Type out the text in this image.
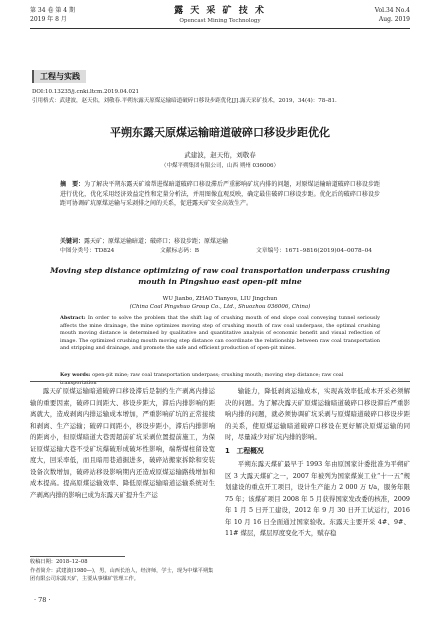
第 34 卷 第 4 期
2019 年 8 月
露 天 采 矿 技 术
Opencast Mining Technology
Vol.34 No.4
Aug. 2019
工程与实践
DOI:10.13235/j.cnki.ltcm.2019.04.021
引用格式：武建波，赵天佑，刘敬春.平朔东露天原煤运输暗道破碎口移设步距优化[J].露天采矿技术，2019，34(4)：78–81.
平朔东露天原煤运输暗道破碎口移设步距优化
武建波，赵天佑，刘敬春
（中煤平朔集团有限公司，山西 朔州 036006）
摘　要：为了解决平朔东露天矿端帮进煤暗道破碎口移设滞后严重影响矿坑内排的问题，对原煤运输暗道破碎口移设步距进行优化，优化采用经济效益定性和定量分析法，并用图像直观反映，确定最佳破碎口移设步距。优化后的破碎口移设步距可协调矿坑原煤运输与采剥排之间的关系，促进露天矿安全高效生产。
关键词：露天矿；原煤运输暗道；破碎口；移设步距；原煤运输
中图分类号：TD824	文献标志码：B	文章编号：1671–9816(2019)04–0078–04
Moving step distance optimizing of raw coal transportation underpass crushing mouth in Pingshuo east open-pit mine
WU Jianbo, ZHAO Tianyou, LIU Jingchun
(China Coal Pingshuo Group Co., Ltd., Shuozhou 036006, China)
Abstract: In order to solve the problem that the shift lag of crushing mouth of end slope coal conveying tunnel seriously affects the mine drainage, the mine optimizes moving step of crushing mouth of raw coal underpass, the optimal crushing mouth moving distance is determined by qualitative and quantitative analysis of economic benefit and visual reflection of image. The optimized crushing mouth moving step distance can coordinate the relationship between raw coal transportation and stripping and drainage, and promote the safe and efficient production of open-pit mines.
Key words: open-pit mine; raw coal transportation underpass; crushing mouth; moving step distance; raw coal transportation

露天矿原煤运输暗道破碎口移设滞后是制约生产剥离内排运输的重要因素，破碎口间距大、移设步距大，滞后内排影响的距离就大，造成剥离内排运输成本增加，严重影响矿坑的正常接续和剥离、生产运输；破碎口间距小，移设步距小，滞后内排影响的距离小，但原煤暗道大巷需超前矿坑采剥位置提前施工，为保证原煤运输大巷不受矿坑爆破形成破坏性影响，端帮煤柱留设宽度大，回采率低，而且暗用巷道掘进多，破碎站搬家拆除和安装设备次数增加，破碎站移设影响期内还造成原煤运输路线增加和成本提高。提高原煤运输效率、降低原煤运输暗道运输系统对生产剥离内排的影响已成为东露天矿提升生产运

输能力，降低剥离运输成本，实现高效率低成本开采必须解决的问题。为了解决露天矿原煤运输暗道破碎口移设滞后严重影响内排的问题，就必须协调矿坑采剥与原煤暗道破碎口移设步距的关系，使原煤运输暗道破碎口移设在更好解决原煤运输的同时，尽量减少对矿坑内排的影响。

1　工程概况

平朔东露天煤矿最早于 1993 年由原国家计委批准为平朔矿区 3 大露天煤矿之一，2007 年被列为国家煤炭工业“十一五”规划建设的重点开工项目，设计生产能力 2 000 万 t/a，服务年限 75 年；该煤矿项目 2008 年 5 月获得国家发改委的核准，2009 年 1 月 5 日开工建设，2012 年 9 月 30 日开工试运行，2016 年 10 月 16 日全面通过国家验收。东露天主要开采 4#、9#、11# 煤层，煤层厚度变化不大，赋存稳

收稿日期：2018–12–08
作者简介：武建波(1980—)，男，山西长治人，经济师，学士，现为中煤平朔集团有限公司东露天矿，主要从事煤矿管理工作。
· 78 ·
